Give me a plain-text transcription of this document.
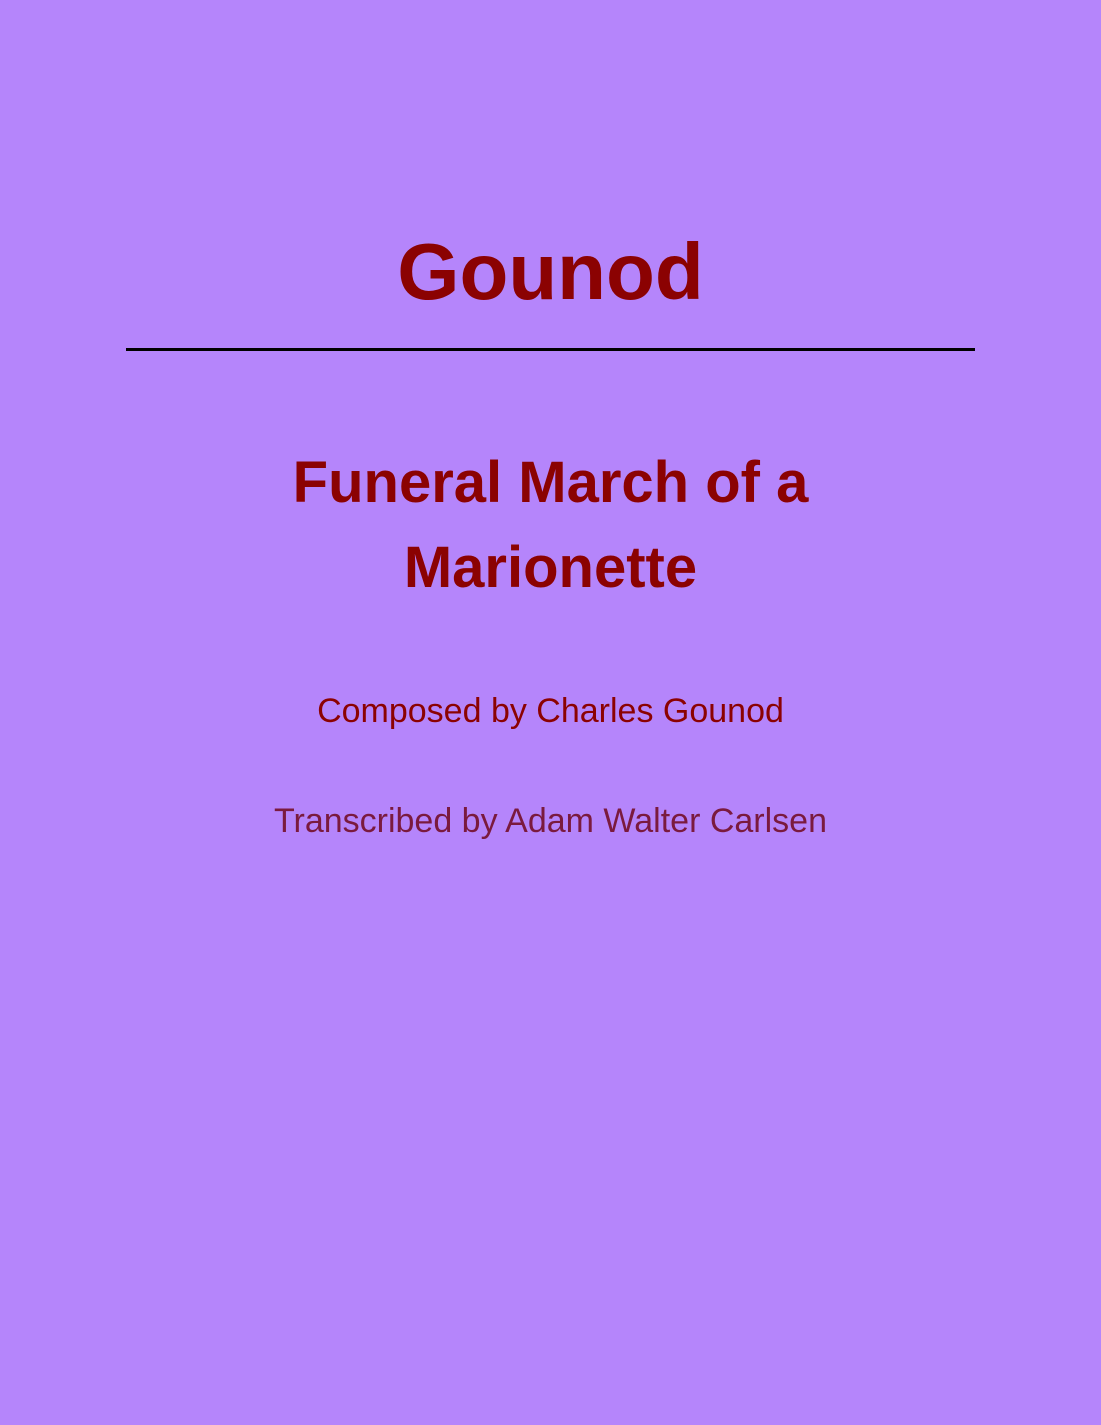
Gounod
Funeral March of a Marionette
Composed by Charles Gounod
Transcribed by Adam Walter Carlsen
